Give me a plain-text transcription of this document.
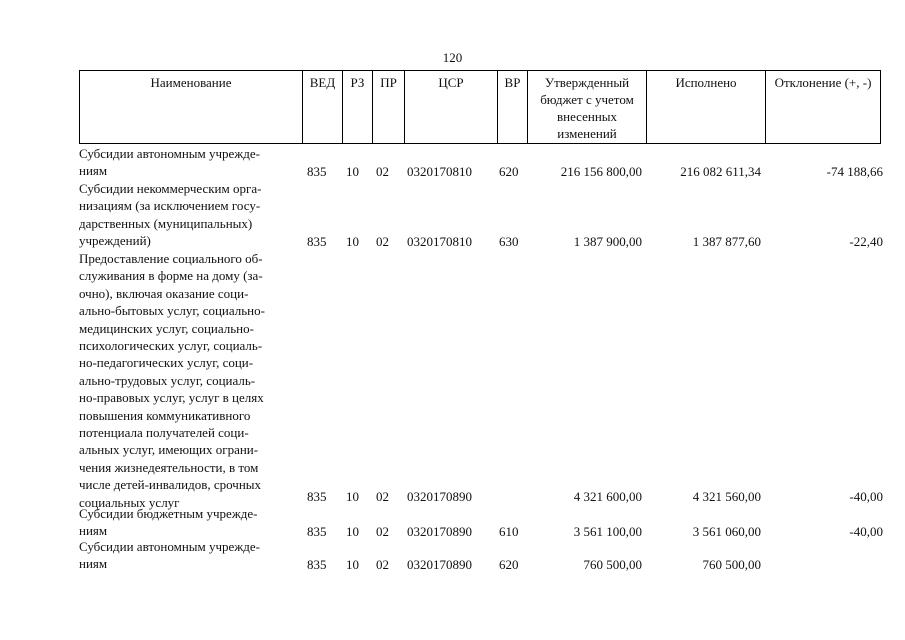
120
Наименование	ВЕД	РЗ	ПР	ЦСР	ВР	Утвержденный бюджет с учетом внесенных изменений	Исполнено	Отклонение (+, -)
Субсидии автономным учрежде-
ниям	835 10 02 0320170810 620	216 156 800,00	216 082 611,34	-74 188,66
Субсидии некоммерческим орга-
низациям (за исключением госу-
дарственных (муниципальных)
учреждений)	835 10 02 0320170810 630	1 387 900,00	1 387 877,60	-22,40
Предоставление социального об-
служивания в форме на дому (за-
очно), включая оказание соци-
ально-бытовых услуг, социально-
медицинских услуг, социально-
психологических услуг, социаль-
но-педагогических услуг, соци-
ально-трудовых услуг, социаль-
но-правовых услуг, услуг в целях
повышения коммуникативного
потенциала получателей соци-
альных услуг, имеющих ограни-
чения жизнедеятельности, в том
числе детей-инвалидов, срочных
социальных услуг	835 10 02 0320170890	4 321 600,00	4 321 560,00	-40,00
Субсидии бюджетным учрежде-
ниям	835 10 02 0320170890 610	3 561 100,00	3 561 060,00	-40,00
Субсидии автономным учрежде-
ниям	835 10 02 0320170890 620	760 500,00	760 500,00
